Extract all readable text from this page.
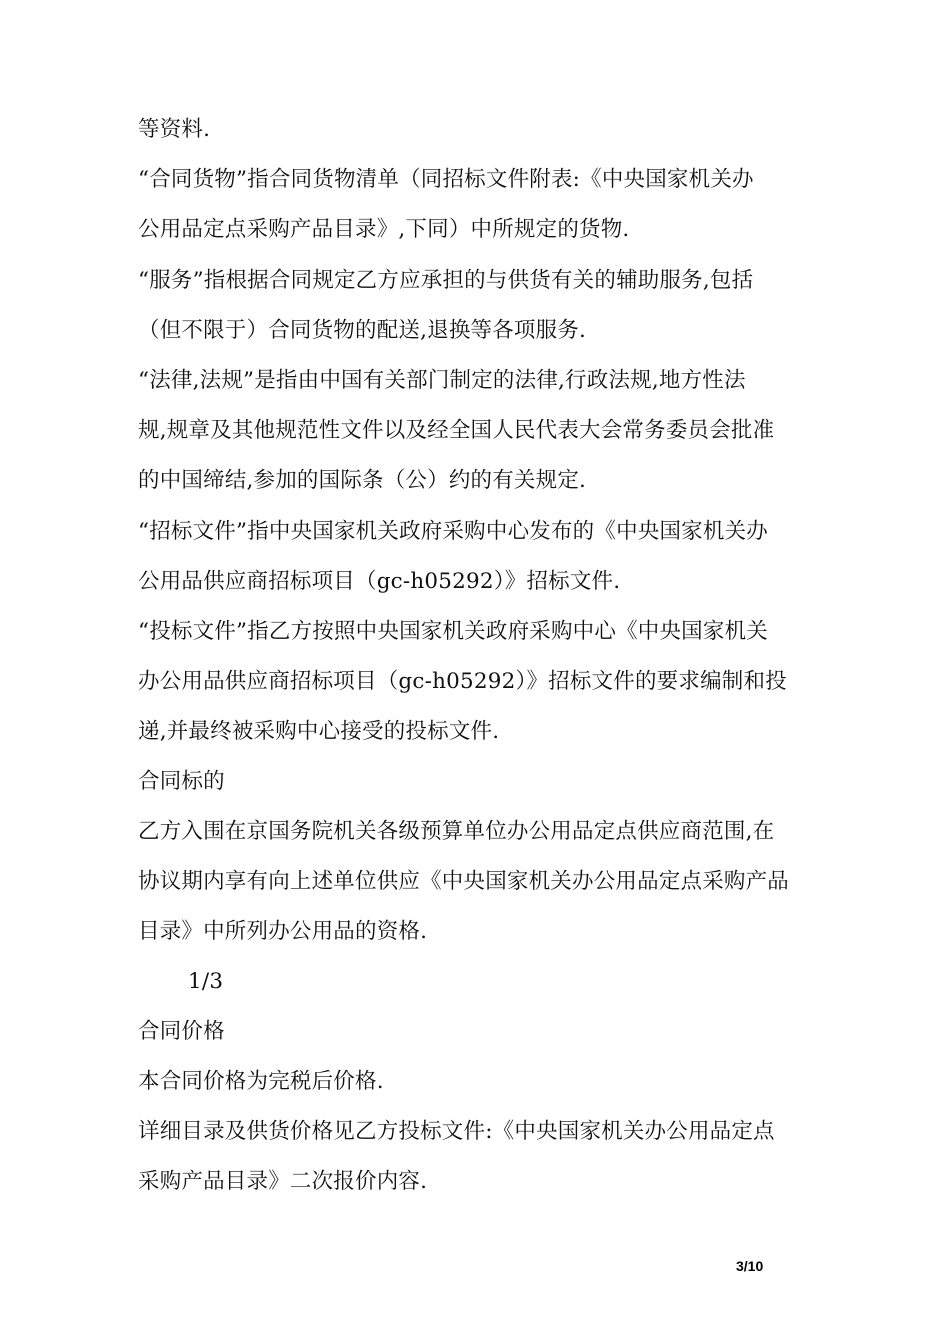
等资料.
“合同货物”指合同货物清单（同招标文件附表:《中央国家机关办
公用品定点采购产品目录》,下同）中所规定的货物.
“服务”指根据合同规定乙方应承担的与供货有关的辅助服务,包括
（但不限于）合同货物的配送,退换等各项服务.
“法律,法规”是指由中国有关部门制定的法律,行政法规,地方性法
规,规章及其他规范性文件以及经全国人民代表大会常务委员会批准
的中国缔结,参加的国际条（公）约的有关规定.
“招标文件”指中央国家机关政府采购中心发布的《中央国家机关办
公用品供应商招标项目（gc-h05292）》招标文件.
“投标文件”指乙方按照中央国家机关政府采购中心《中央国家机关
办公用品供应商招标项目（gc-h05292）》招标文件的要求编制和投
递,并最终被采购中心接受的投标文件.
合同标的
乙方入围在京国务院机关各级预算单位办公用品定点供应商范围,在
协议期内享有向上述单位供应《中央国家机关办公用品定点采购产品
目录》中所列办公用品的资格.
1/3
合同价格
本合同价格为完税后价格.
详细目录及供货价格见乙方投标文件:《中央国家机关办公用品定点
采购产品目录》二次报价内容.
3/10
